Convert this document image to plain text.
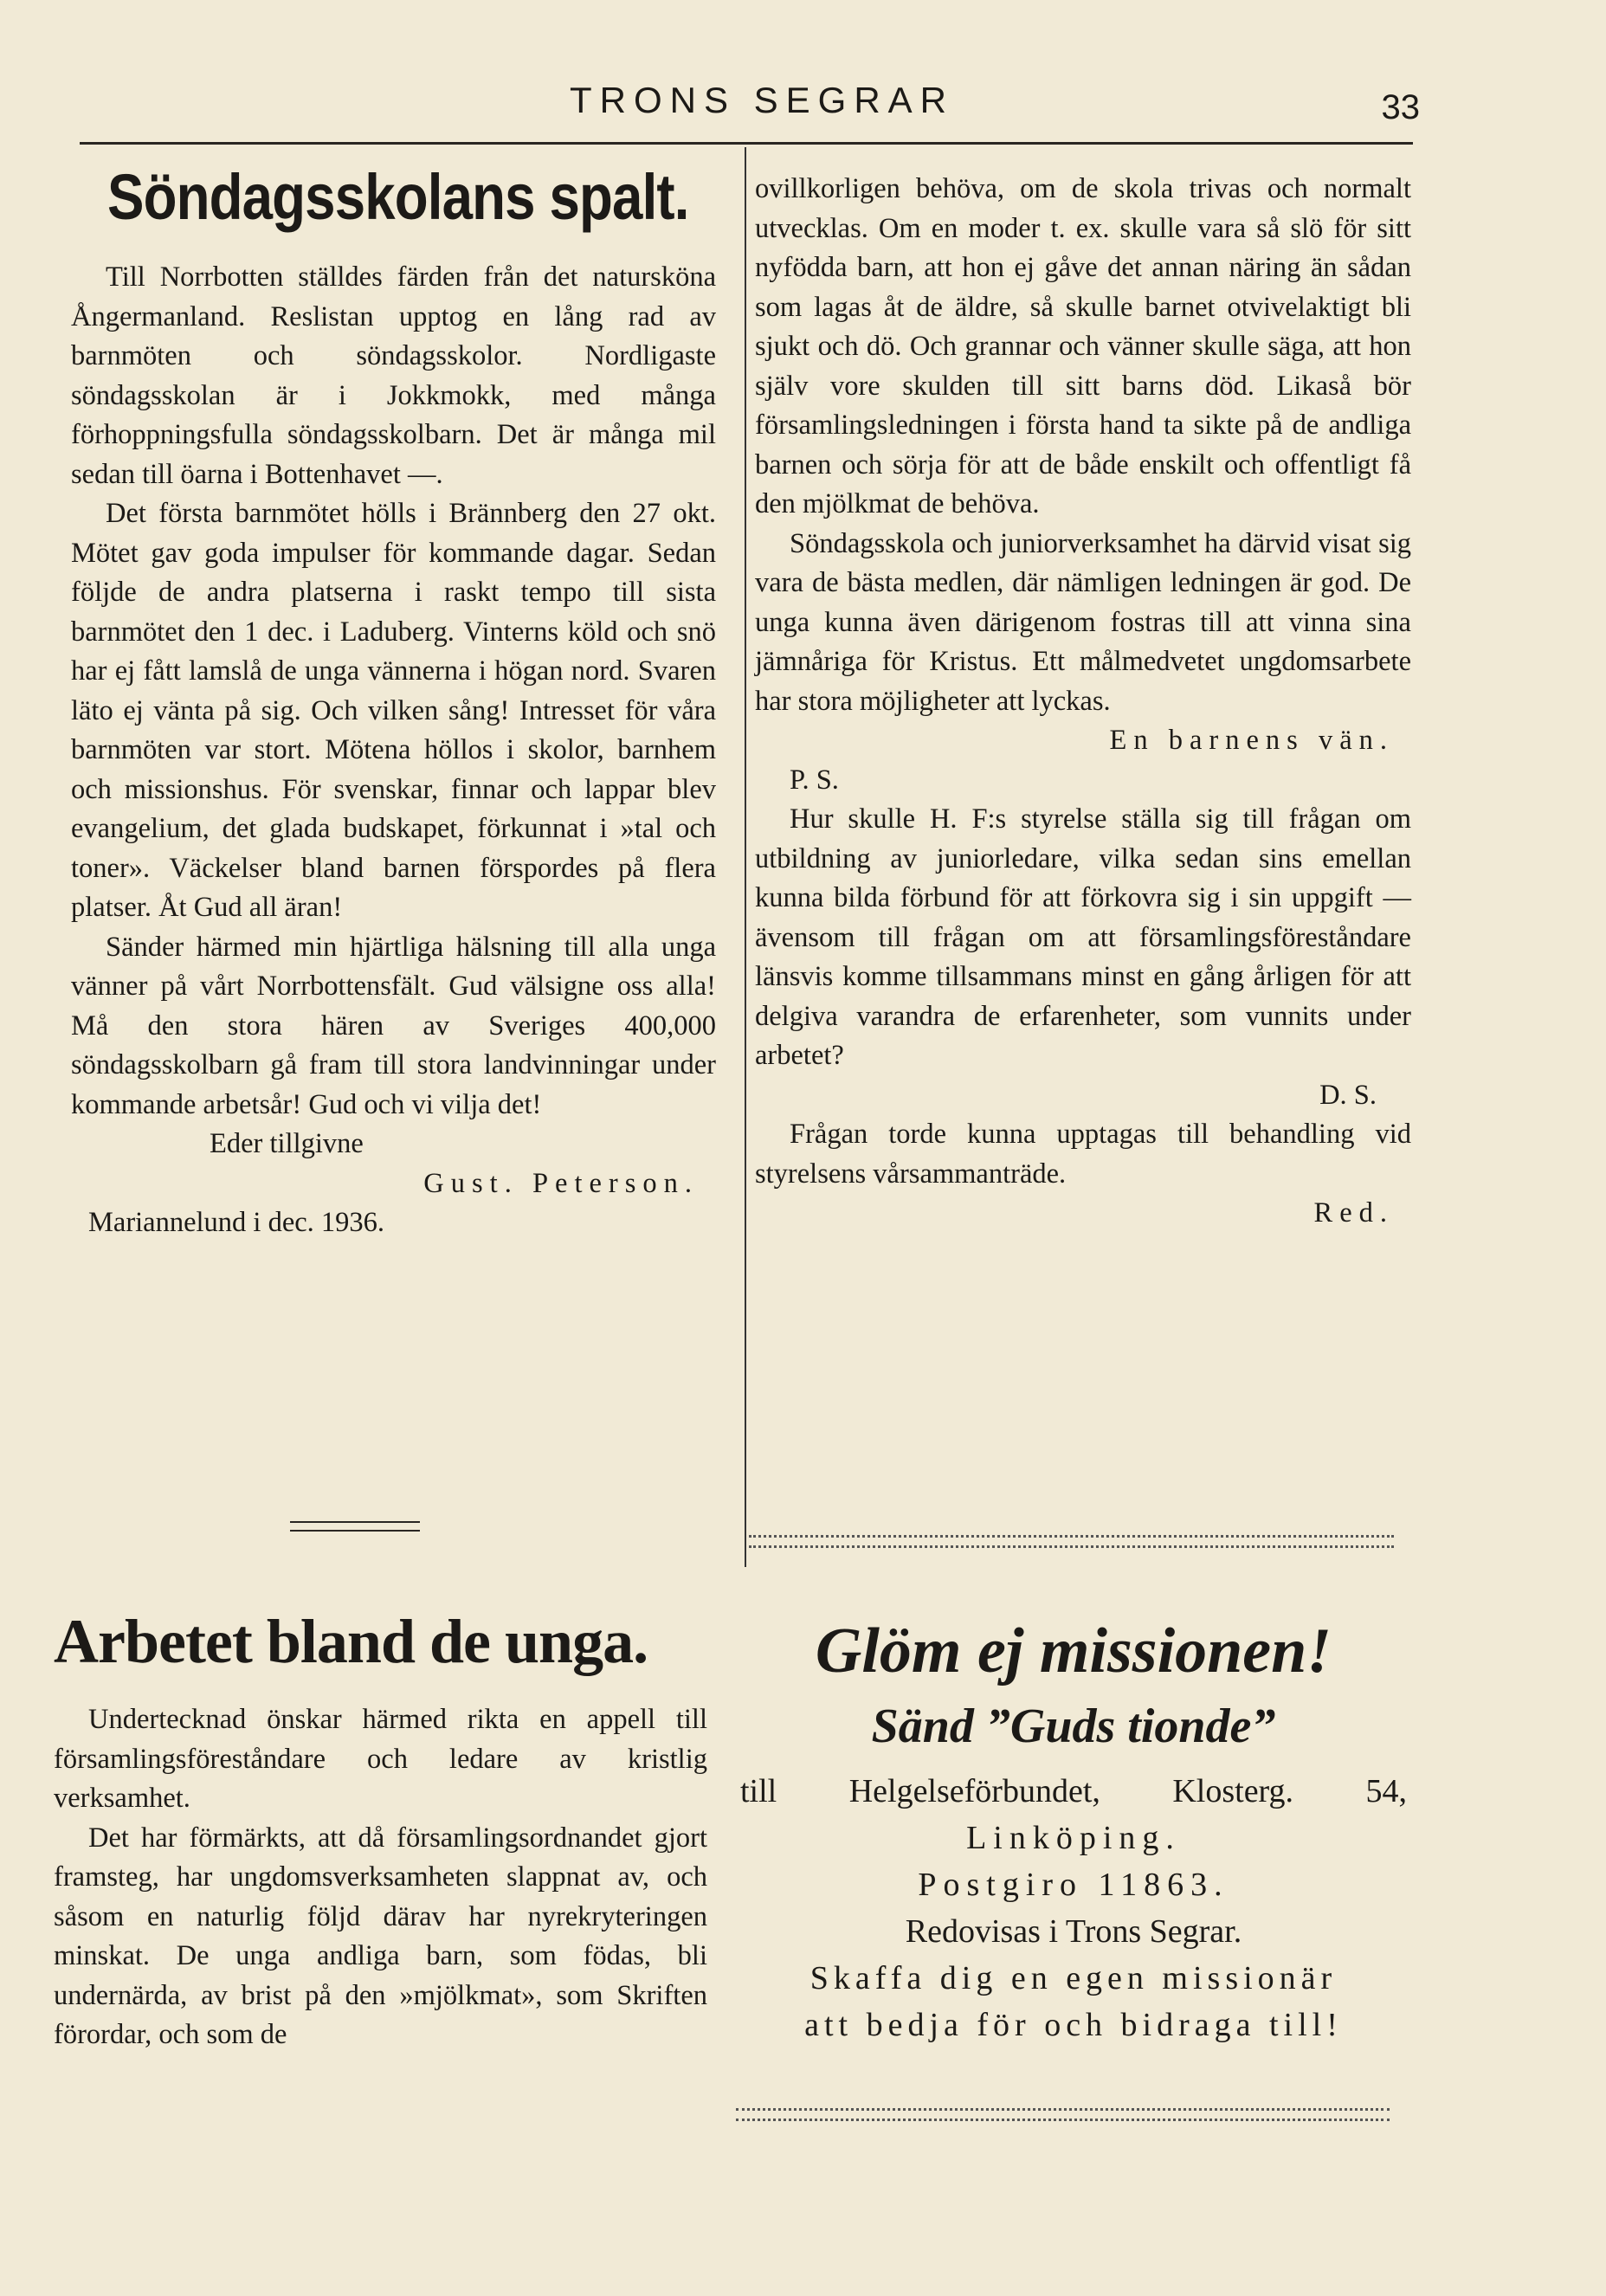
TRONS SEGRAR	33
Söndagsskolans spalt.

Till Norrbotten ställdes färden från det natursköna Ångermanland. Reslistan upptog en lång rad av barnmöten och söndagsskolor. Nordligaste söndagsskolan är i Jokkmokk, med många förhoppningsfulla söndagsskolbarn. Det är många mil sedan till öarna i Bottenhavet —.

Det första barnmötet hölls i Brännberg den 27 okt. Mötet gav goda impulser för kommande dagar. Sedan följde de andra platserna i raskt tempo till sista barnmötet den 1 dec. i Laduberg. Vinterns köld och snö har ej fått lamslå de unga vännerna i högan nord. Svaren läto ej vänta på sig. Och vilken sång! Intresset för våra barnmöten var stort. Mötena höllos i skolor, barnhem och missionshus. För svenskar, finnar och lappar blev evangelium, det glada budskapet, förkunnat i »tal och toner». Väckelser bland barnen förspordes på flera platser. Åt Gud all äran!

Sänder härmed min hjärtliga hälsning till alla unga vänner på vårt Norrbottensfält. Gud välsigne oss alla! Må den stora hären av Sveriges 400,000 söndagsskolbarn gå fram till stora landvinningar under kommande arbetsår! Gud och vi vilja det!

Eder tillgivne

Gust. Peterson.

Mariannelund i dec. 1936.

ovillkorligen behöva, om de skola trivas och normalt utvecklas. Om en moder t. ex. skulle vara så slö för sitt nyfödda barn, att hon ej gåve det annan näring än sådan som lagas åt de äldre, så skulle barnet otvivelaktigt bli sjukt och dö. Och grannar och vänner skulle säga, att hon själv vore skulden till sitt barns död. Likaså bör församlingsledningen i första hand ta sikte på de andliga barnen och sörja för att de både enskilt och offentligt få den mjölkmat de behöva.

Söndagsskola och juniorverksamhet ha därvid visat sig vara de bästa medlen, där nämligen ledningen är god. De unga kunna även därigenom fostras till att vinna sina jämnåriga för Kristus. Ett målmedvetet ungdomsarbete har stora möjligheter att lyckas.

En barnens vän.

P. S.

Hur skulle H. F:s styrelse ställa sig till frågan om utbildning av juniorledare, vilka sedan sins emellan kunna bilda förbund för att förkovra sig i sin uppgift — ävensom till frågan om att församlingsföreståndare länsvis komme tillsammans minst en gång årligen för att delgiva varandra de erfarenheter, som vunnits under arbetet?

D. S.

Frågan torde kunna upptagas till behandling vid styrelsens vårsammanträde.

Red.

Arbetet bland de unga.

Undertecknad önskar härmed rikta en appell till församlingsföreståndare och ledare av kristlig verksamhet.

Det har förmärkts, att då församlingsordnandet gjort framsteg, har ungdomsverksamheten slappnat av, och såsom en naturlig följd därav har nyrekryteringen minskat. De unga andliga barn, som födas, bli undernärda, av brist på den »mjölkmat», som Skriften förordar, och som de

Glöm ej missionen!
Sänd ”Guds tionde”

till Helgelseförbundet, Klosterg. 54,

Linköping.

Postgiro 11863.

Redovisas i Trons Segrar.

Skaffa dig en egen missionär

att bedja för och bidraga till!
